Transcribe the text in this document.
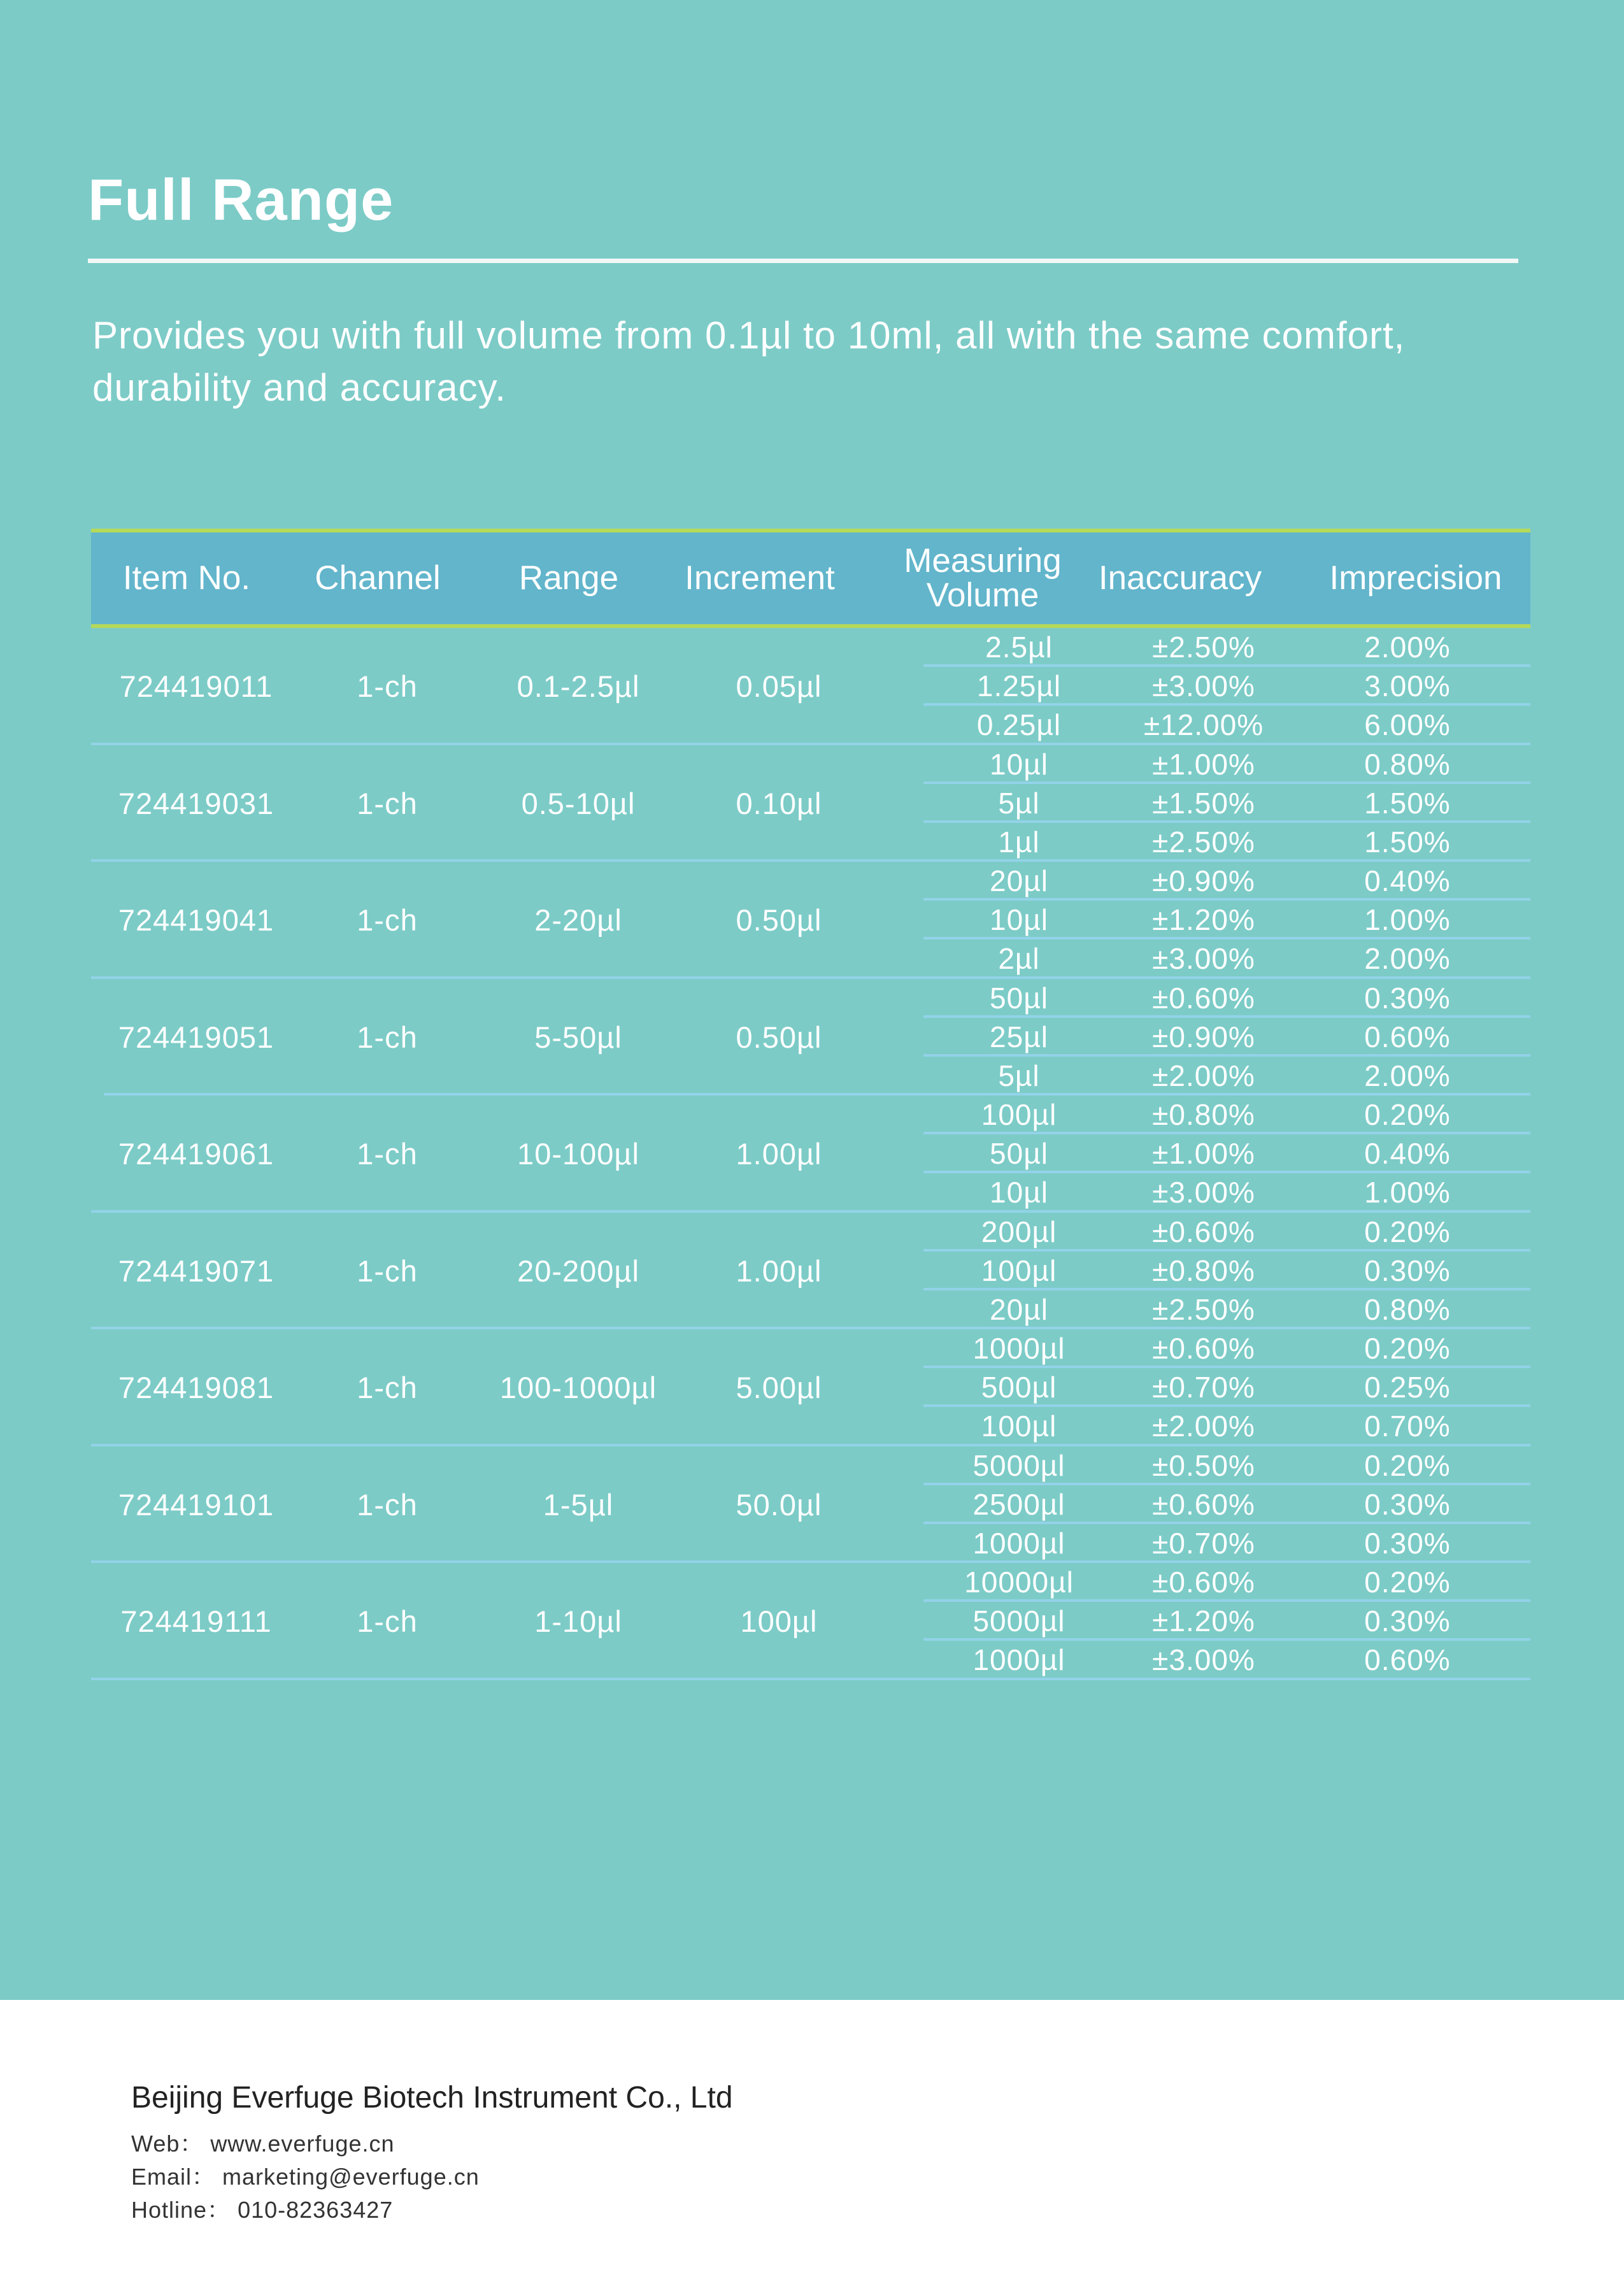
Full Range
Provides you with full volume from 0.1µl to 10ml, all with the same comfort, durability and accuracy.
Item No.	Channel	Range	Increment	Measuring Volume	Inaccuracy	Imprecision
724419011	1-ch	0.1-2.5µl	0.05µl
2.5µl	±2.50%	2.00%
1.25µl	±3.00%	3.00%
0.25µl	±12.00%	6.00%
724419031	1-ch	0.5-10µl	0.10µl
10µl	±1.00%	0.80%
5µl	±1.50%	1.50%
1µl	±2.50%	1.50%
724419041	1-ch	2-20µl	0.50µl
20µl	±0.90%	0.40%
10µl	±1.20%	1.00%
2µl	±3.00%	2.00%
724419051	1-ch	5-50µl	0.50µl
50µl	±0.60%	0.30%
25µl	±0.90%	0.60%
5µl	±2.00%	2.00%
724419061	1-ch	10-100µl	1.00µl
100µl	±0.80%	0.20%
50µl	±1.00%	0.40%
10µl	±3.00%	1.00%
724419071	1-ch	20-200µl	1.00µl
200µl	±0.60%	0.20%
100µl	±0.80%	0.30%
20µl	±2.50%	0.80%
724419081	1-ch	100-1000µl	5.00µl
1000µl	±0.60%	0.20%
500µl	±0.70%	0.25%
100µl	±2.00%	0.70%
724419101	1-ch	1-5µl	50.0µl
5000µl	±0.50%	0.20%
2500µl	±0.60%	0.30%
1000µl	±0.70%	0.30%
724419111	1-ch	1-10µl	100µl
10000µl	±0.60%	0.20%
5000µl	±1.20%	0.30%
1000µl	±3.00%	0.60%
Beijing Everfuge Biotech Instrument Co., Ltd
Web： www.everfuge.cn
Email： marketing@everfuge.cn
Hotline： 010-82363427
